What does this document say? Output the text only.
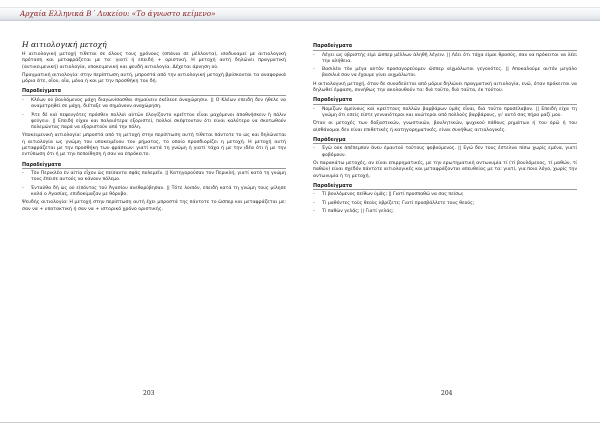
Αρχαία Ελληνικά Β΄ Λυκείου: «Το άγνωστο κείμενο»
Η αιτιολογική μετοχή

Η αιτιολογική μετοχή τίθεται σε όλους τους χρόνους (σπάνια σε μέλλοντα), ισοδυναμεί με αιτιολογική πρόταση και μεταφράζεται με τα: γιατί ή επειδή + οριστική. Η μετοχή αυτή δηλώνει πραγματική (αντικειμενική) αιτιολογία, υποκειμενική και ψευδή αιτιολογία. Δέχεται άρνηση οὐ.

Πραγματική αιτιολογία: στην περίπτωση αυτή, μπροστά από την αιτιολογική μετοχή βρίσκονται τα αναφορικά μόρια ἅτε, οἷον, οἷα, μόνα ή και με την προσθήκη του δή.

Παραδείγματα
- Κλέων οὐ βουλόμενος μάχη διαγωνίσασθαι σημαίνειν ἐκέλευε ἀναχώρησιν. || Ο Κλέων επειδή δεν ήθελε να αναμετρηθεί σε μάχη, διέταξε να σημάνουν αναχώρηση.
- Ἅτε δὲ καὶ πεφευγότες πρόσθεν πολλοὶ αὐτῶν ἐλογίζοντο κρεῖττον εἶναι μαχόμενοι ἀποθνήσκειν ἢ πάλιν φεύγειν. || Επειδή είχαν και παλαιότερα εξοριστεί, πολλοί σκέφτονταν ότι είναι καλύτερο να σκοτωθούν πολεμώντας παρά να εξοριστούν από την πόλη.

Υποκειμενική αιτιολογία: μπροστά από τη μετοχή στην περίπτωση αυτή τίθεται πάντοτε το ὡς και δηλώνεται η αιτιολογία ως γνώμη του υποκειμένου του ρήματος, το οποίο προσδιορίζει η μετοχή. Η μετοχή αυτή μεταφράζεται με την προσθήκη των φράσεων: γιατί κατά τη γνώμη ή γιατί τάχα ή με την ιδέα ότι ή με την εντύπωση ότι ή με την πεποίθηση ή σαν να επρόκειτο.

Παραδείγματα
- Τὸν Περικλέα ἐν αἰτίᾳ εἶχον ὡς πείσαντα σφᾶς πολεμεῖν. || Κατηγορούσαν τον Περικλή, γιατί κατά τη γνώμη τους έπεισε αυτούς να κάνουν πόλεμο.
- Ἐνταῦθα δὴ ὡς οὐ εἰπόντος τοῦ Ἀγασίου ἀνεθορύβησαν. || Τότε λοιπόν, επειδή κατά τη γνώμη τους μίλησε καλά ο Αγασίας, επιδοκίμαζαν με θόρυβο.

Ψευδής αιτιολογία: Η μετοχή στην περίπτωση αυτή έχει μπροστά της πάντοτε το ὥσπερ και μεταφράζεται με: σαν να + υποτακτική ή σαν να + ιστορικό χρόνο οριστικής.

203
Παραδείγματα
- Λέγει ὡς ὑβριστὴς εἰμὶ ὥσπερ μέλλων ἀληθῆ λέγειν. || Λέει ότι τάχα είμαι θρασύς, σαν να πρόκειται να λέει την αλήθεια.
- Βασιλέα τὸν μέγα αὐτὸν προσαγορεύομεν ὥσπερ αἰχμάλωτοι γεγονότες. || Αποκαλούμε αυτόν μεγάλο βασιλιά σαν να έχουμε γίνει αιχμάλωτοι.

Η αιτιολογική μετοχή, όταν δε συνοδεύεται από μόρια δηλώνει πραγματική αιτιολογία, ενώ, όταν πρόκειται να δηλωθεί έμφαση, συνήθως την ακολουθούν τα: διά τοῦτο, διὰ ταῦτα, ἐκ τούτου.

Παραδείγματα
- Νομίζων ἀμείνους καὶ κρείττους πολλῶν βαρβάρων ὑμᾶς εἶναι, διὰ τοῦτο προσέλαβον. || Επειδή είχα τη γνώμη ότι εσείς είστε γενναιότεροι και ανώτεροι από πολλούς βαρβάρους, γι' αυτό σας πήρα μαζί μου.

Όταν οι μετοχές των δοξαστικών, γνωστικών, βουλητικών, ψυχικού πάθους ρημάτων ή του ὁρῶ ή του αἰσθάνομαι δεν είναι επιθετικές ή κατηγορηματικές, είναι συνήθως αιτιολογικές.

Παράδειγμα
- Ἐγὼ οὐκ ἀπέπεμπον ἄνευ ἐμαυτοῦ τούτους φοβούμενος. || Εγώ δεν τους έστελνα πίσω χωρίς εμένα, γιατί φοβόμουν.

Οι παρακάτω μετοχές, αν είναι επιρρηματικές, με την ερωτηματική αντωνυμία τί (τί βουλόμενος, τί μαθών, τί παθών) είναι σχεδόν πάντοτε αιτιολογικές και μεταφράζονται απευθείας με τα: γιατί, για ποιο λόγο, χωρίς την αντωνυμία ή τη μετοχή.

Παραδείγματα
- Τί βουλόμενος πείθων ὑμᾶς; || Γιατί προσπαθώ να σας πείσω;
- Τί μαθόντες τοὺς θεοὺς ὑβρίζετε; Γιατί προσβάλλετε τους θεούς;
- Τί παθὼν γελᾷς; || Γιατί γελάς;
204
